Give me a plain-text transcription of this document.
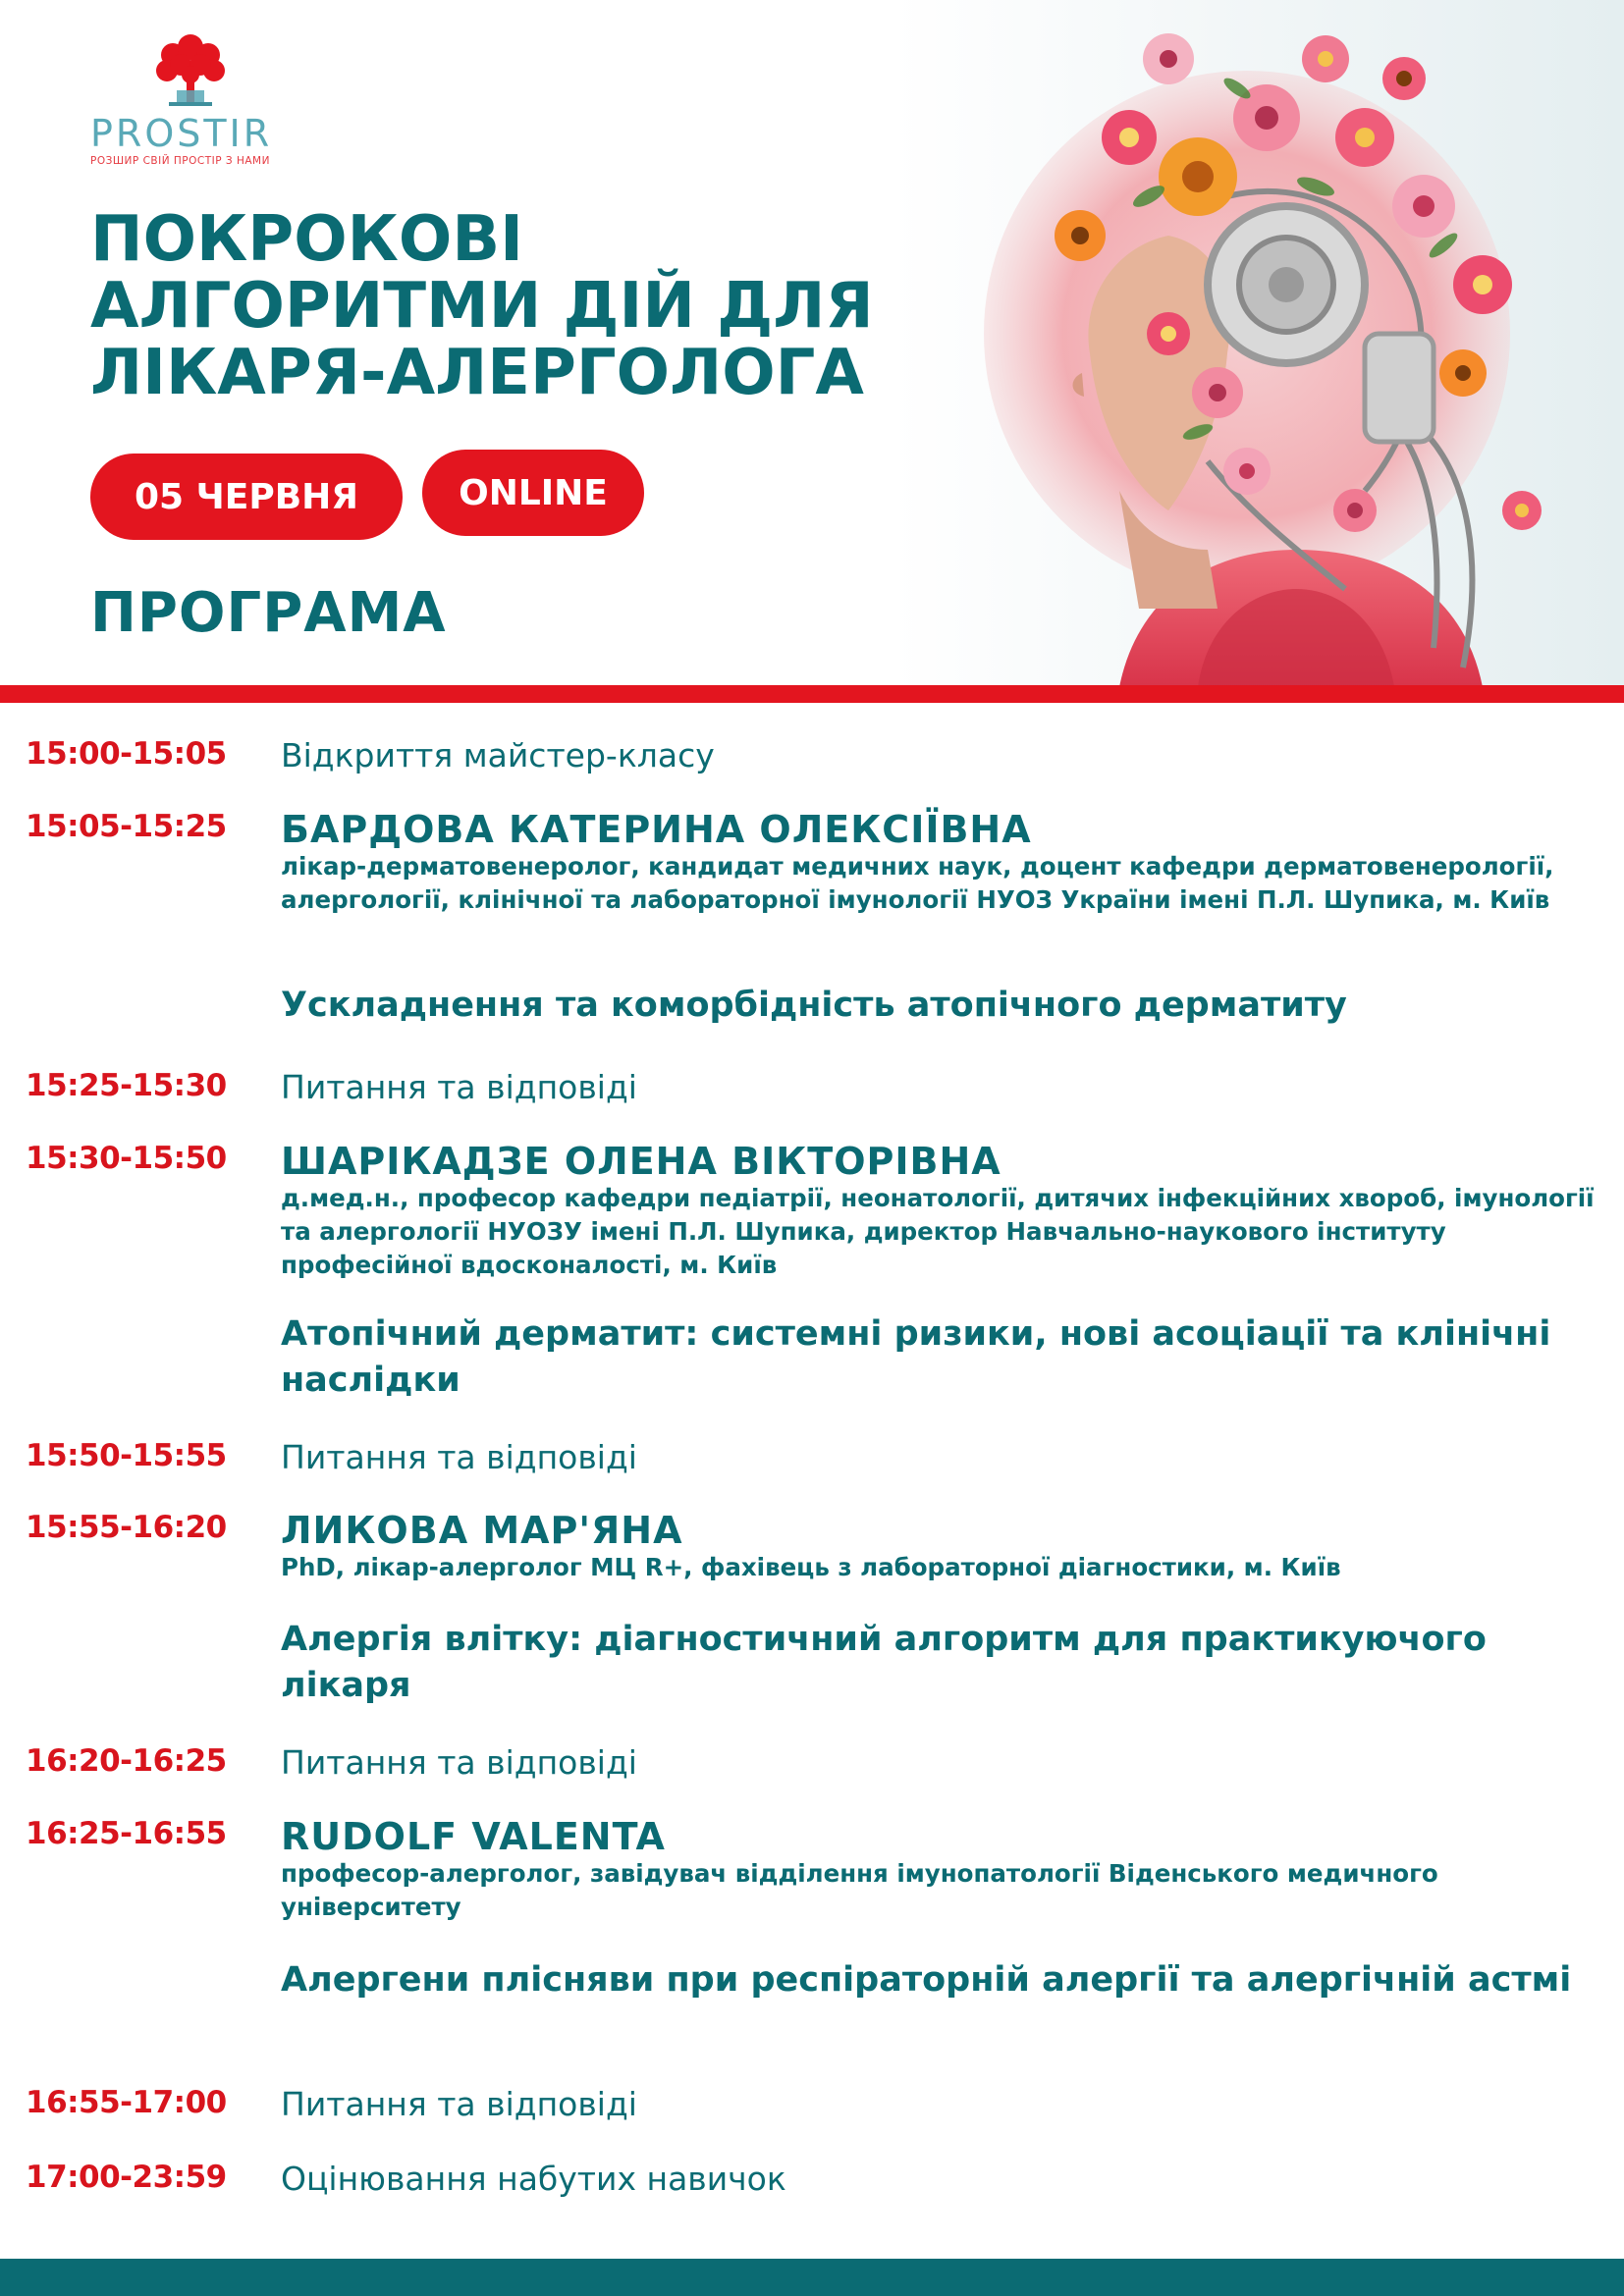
PROSTIR
РОЗШИР СВІЙ ПРОСТІР З НАМИ
ПОКРОКОВІ
АЛГОРИТМИ ДІЙ ДЛЯ
ЛІКАРЯ-АЛЕРГОЛОГА
05 ЧЕРВНЯ	ONLINE
ПРОГРАМА
15:00-15:05 Відкриття майстер-класу
15:05-15:25 БАРДОВА КАТЕРИНА ОЛЕКСІЇВНА
лікар-дерматовенеролог, кандидат медичних наук, доцент кафедри дерматовенерології, алергології, клінічної та лабораторної імунології НУОЗ України імені П.Л. Шупика, м. Київ
Ускладнення та коморбідність атопічного дерматиту
15:25-15:30 Питання та відповіді
15:30-15:50 ШАРІКАДЗЕ ОЛЕНА ВІКТОРІВНА
д.мед.н., професор кафедри педіатрії, неонатології, дитячих інфекційних хвороб, імунології та алергології НУОЗУ імені П.Л. Шупика, директор Навчально-наукового інституту професійної вдосконалості, м. Київ
Атопічний дерматит: системні ризики, нові асоціації та клінічні наслідки
15:50-15:55 Питання та відповіді
15:55-16:20 ЛИКОВА МАР'ЯНА
PhD, лікар-алерголог МЦ R+, фахівець з лабораторної діагностики, м. Київ
Алергія влітку: діагностичний алгоритм для практикуючого лікаря
16:20-16:25 Питання та відповіді
16:25-16:55 RUDOLF VALENTA
професор-алерголог, завідувач відділення імунопатології Віденського медичного університету
Алергени плісняви при респіраторній алергії та алергічній астмі
16:55-17:00 Питання та відповіді
17:00-23:59 Оцінювання набутих навичок
